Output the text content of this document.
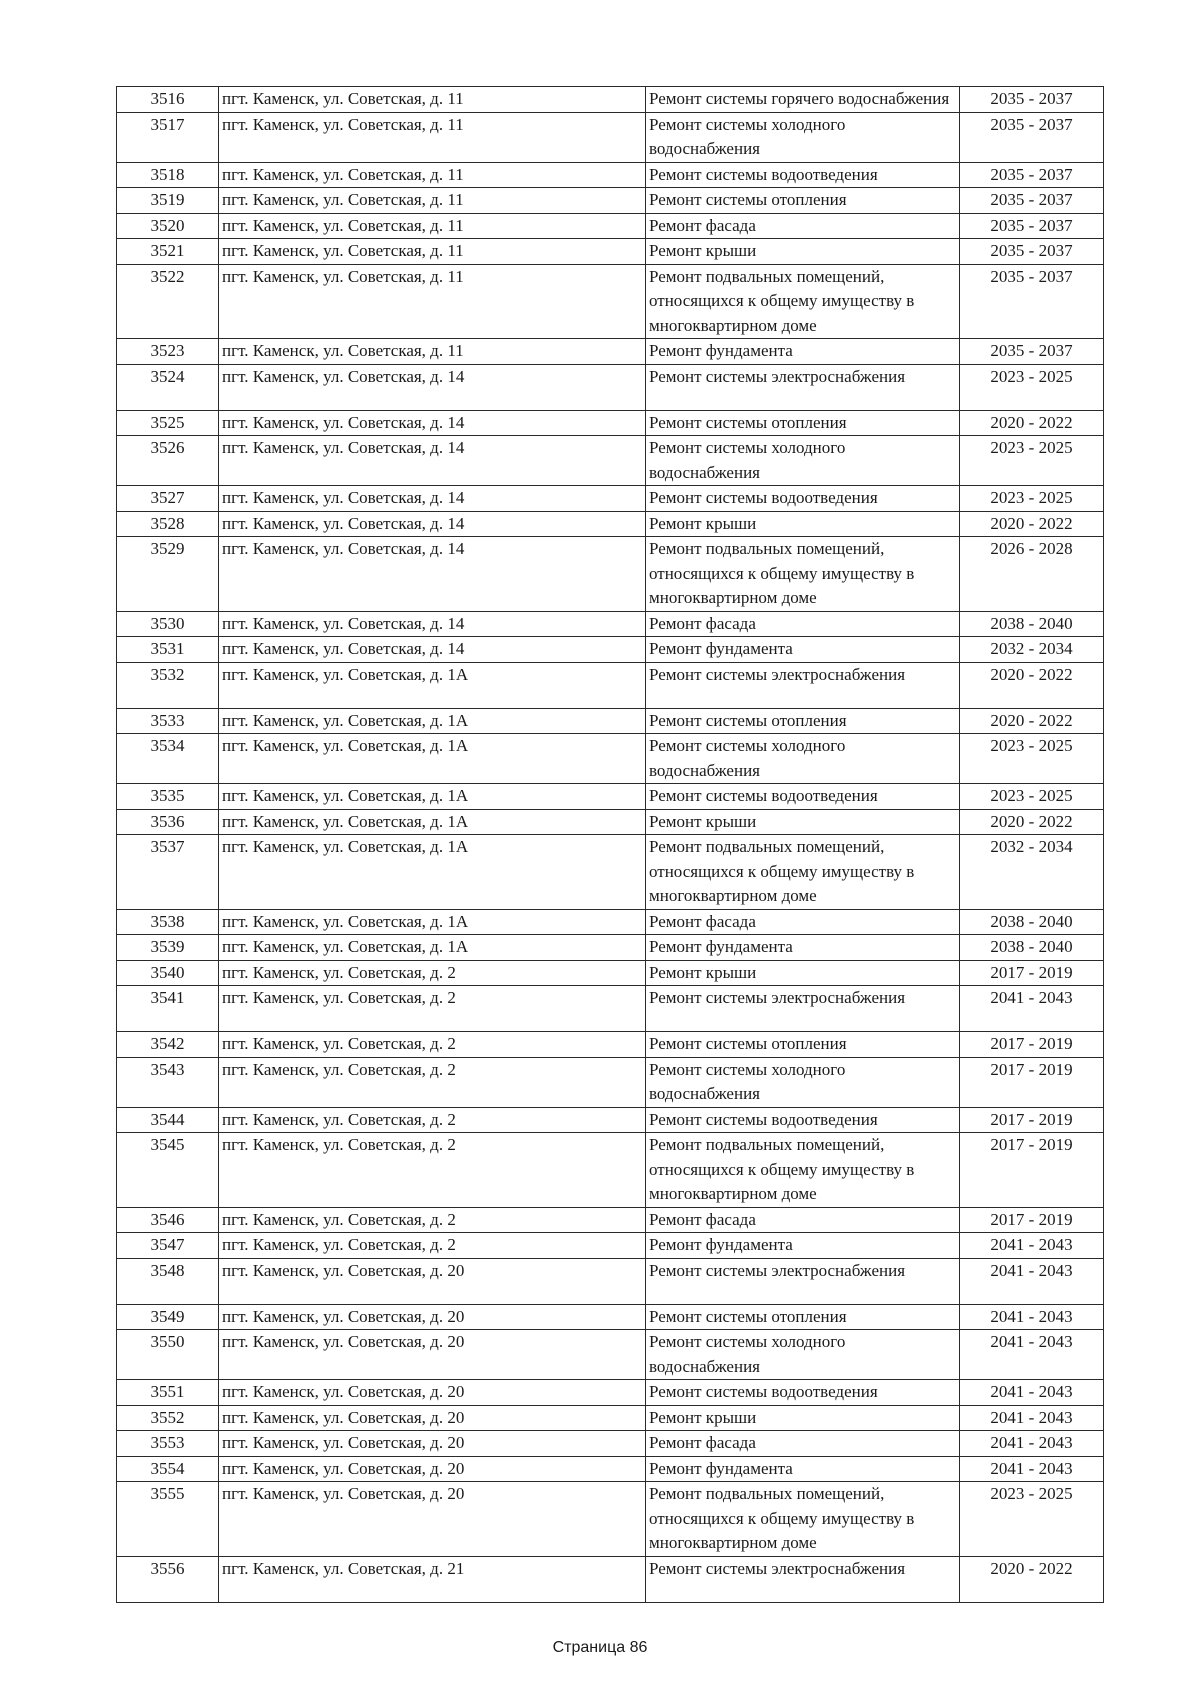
3516	пгт. Каменск, ул. Советская, д. 11	Ремонт системы горячего водоснабжения	2035 - 2037
3517	пгт. Каменск, ул. Советская, д. 11	Ремонт системы холодного водоснабжения	2035 - 2037
3518	пгт. Каменск, ул. Советская, д. 11	Ремонт системы водоотведения	2035 - 2037
3519	пгт. Каменск, ул. Советская, д. 11	Ремонт системы отопления	2035 - 2037
3520	пгт. Каменск, ул. Советская, д. 11	Ремонт фасада	2035 - 2037
3521	пгт. Каменск, ул. Советская, д. 11	Ремонт крыши	2035 - 2037
3522	пгт. Каменск, ул. Советская, д. 11	Ремонт подвальных помещений, относящихся к общему имуществу в многоквартирном доме	2035 - 2037
3523	пгт. Каменск, ул. Советская, д. 11	Ремонт фундамента	2035 - 2037
3524	пгт. Каменск, ул. Советская, д. 14	Ремонт системы электроснабжения	2023 - 2025
3525	пгт. Каменск, ул. Советская, д. 14	Ремонт системы отопления	2020 - 2022
3526	пгт. Каменск, ул. Советская, д. 14	Ремонт системы холодного водоснабжения	2023 - 2025
3527	пгт. Каменск, ул. Советская, д. 14	Ремонт системы водоотведения	2023 - 2025
3528	пгт. Каменск, ул. Советская, д. 14	Ремонт крыши	2020 - 2022
3529	пгт. Каменск, ул. Советская, д. 14	Ремонт подвальных помещений, относящихся к общему имуществу в многоквартирном доме	2026 - 2028
3530	пгт. Каменск, ул. Советская, д. 14	Ремонт фасада	2038 - 2040
3531	пгт. Каменск, ул. Советская, д. 14	Ремонт фундамента	2032 - 2034
3532	пгт. Каменск, ул. Советская, д. 1А	Ремонт системы электроснабжения	2020 - 2022
3533	пгт. Каменск, ул. Советская, д. 1А	Ремонт системы отопления	2020 - 2022
3534	пгт. Каменск, ул. Советская, д. 1А	Ремонт системы холодного водоснабжения	2023 - 2025
3535	пгт. Каменск, ул. Советская, д. 1А	Ремонт системы водоотведения	2023 - 2025
3536	пгт. Каменск, ул. Советская, д. 1А	Ремонт крыши	2020 - 2022
3537	пгт. Каменск, ул. Советская, д. 1А	Ремонт подвальных помещений, относящихся к общему имуществу в многоквартирном доме	2032 - 2034
3538	пгт. Каменск, ул. Советская, д. 1А	Ремонт фасада	2038 - 2040
3539	пгт. Каменск, ул. Советская, д. 1А	Ремонт фундамента	2038 - 2040
3540	пгт. Каменск, ул. Советская, д. 2	Ремонт крыши	2017 - 2019
3541	пгт. Каменск, ул. Советская, д. 2	Ремонт системы электроснабжения	2041 - 2043
3542	пгт. Каменск, ул. Советская, д. 2	Ремонт системы отопления	2017 - 2019
3543	пгт. Каменск, ул. Советская, д. 2	Ремонт системы холодного водоснабжения	2017 - 2019
3544	пгт. Каменск, ул. Советская, д. 2	Ремонт системы водоотведения	2017 - 2019
3545	пгт. Каменск, ул. Советская, д. 2	Ремонт подвальных помещений, относящихся к общему имуществу в многоквартирном доме	2017 - 2019
3546	пгт. Каменск, ул. Советская, д. 2	Ремонт фасада	2017 - 2019
3547	пгт. Каменск, ул. Советская, д. 2	Ремонт фундамента	2041 - 2043
3548	пгт. Каменск, ул. Советская, д. 20	Ремонт системы электроснабжения	2041 - 2043
3549	пгт. Каменск, ул. Советская, д. 20	Ремонт системы отопления	2041 - 2043
3550	пгт. Каменск, ул. Советская, д. 20	Ремонт системы холодного водоснабжения	2041 - 2043
3551	пгт. Каменск, ул. Советская, д. 20	Ремонт системы водоотведения	2041 - 2043
3552	пгт. Каменск, ул. Советская, д. 20	Ремонт крыши	2041 - 2043
3553	пгт. Каменск, ул. Советская, д. 20	Ремонт фасада	2041 - 2043
3554	пгт. Каменск, ул. Советская, д. 20	Ремонт фундамента	2041 - 2043
3555	пгт. Каменск, ул. Советская, д. 20	Ремонт подвальных помещений, относящихся к общему имуществу в многоквартирном доме	2023 - 2025
3556	пгт. Каменск, ул. Советская, д. 21	Ремонт системы электроснабжения	2020 - 2022
Страница 86
